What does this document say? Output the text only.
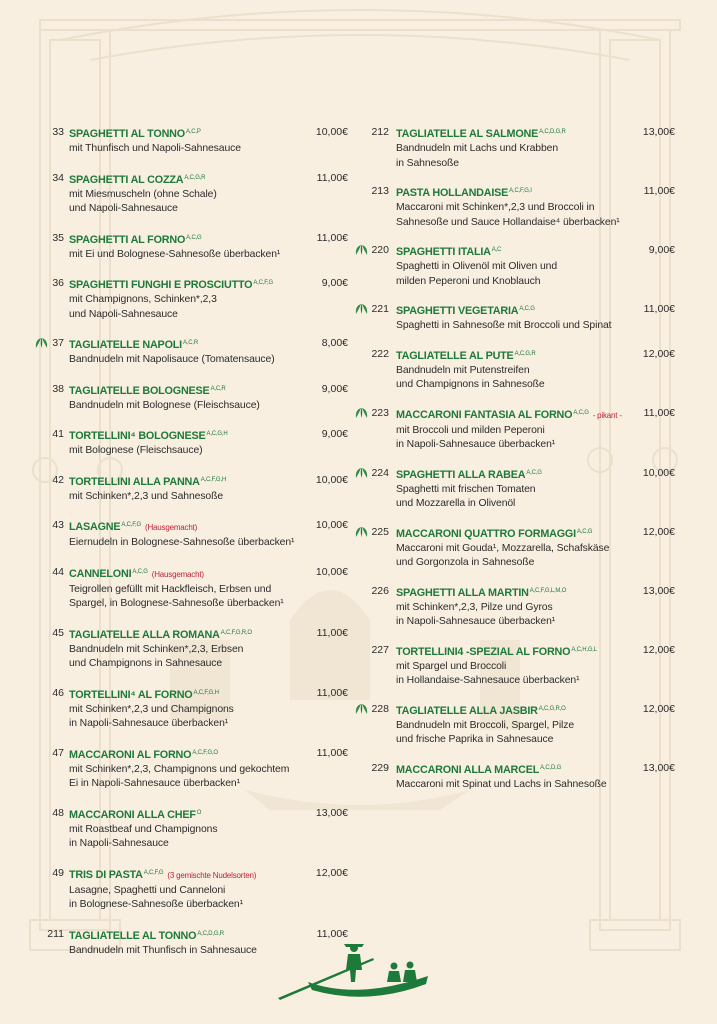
33 SPAGHETTI AL $TONNO^{A,C,P}$
mit Thunfisch und Napoli-Sahnesauce
10,00€
34 SPAGHETTI AL $COZZA^{A,C,G,R}$
mit Miesmuscheln (ohne Schale)
und Napoli-Sahnesauce
11,00€
35 SPAGHETTI AL $FORNO^{A,C,G}$
mit Ei und Bolognese-Sahnesoße überbacken¹
11,00€
36 SPAGHETTI FUNGHI E $PROSCIUTTO^{A,C,F,G}$
mit Champignons, Schinken*,2,3
und Napoli-Sahnesauce
9,00€
37 TAGLIATELLE $NAPOLI^{A,C,R}$
Bandnudeln mit Napolisauce (Tomatensauce)
8,00€
38 TAGLIATELLE $BOLOGNESE^{A,C,R}$
Bandnudeln mit Bolognese (Fleischsauce)
9,00€
41 TORTELLINI⁴ $BOLOGNESE^{A,C,G,H}$
mit Bolognese (Fleischsauce)
9,00€
42 TORTELLINI ALLA $PANNA^{A,C,F,G,H}$
mit Schinken*,2,3 und Sahnesoße
10,00€
43 $LASAGNE^{A,C,F,G}$ (Hausgemacht)
Eiernudeln in Bolognese-Sahnesoße überbacken¹
10,00€
44 $CANNELONI^{A,C,G}$ (Hausgemacht)
Teigrollen gefüllt mit Hackfleisch, Erbsen und
Spargel, in Bolognese-Sahnesoße überbacken¹
10,00€
45 TAGLIATELLE ALLA $ROMANA^{A,C,F,G,R,O}$
Bandnudeln mit Schinken*,2,3, Erbsen
und Champignons in Sahnesauce
11,00€
46 TORTELLINI⁴ AL $FORNO^{A,C,F,G,H}$
mit Schinken*,2,3 und Champignons
in Napoli-Sahnesauce überbacken¹
11,00€
47 MACCARONI AL $FORNO^{A,C,F,G,O}$
mit Schinken*,2,3, Champignons und gekochtem
Ei in Napoli-Sahnesauce überbacken¹
11,00€
48 MACCARONI ALLA $CHEF^O$
mit Roastbeaf und Champignons
in Napoli-Sahnesauce
13,00€
49 TRIS DI $PASTA^{A,C,F,G}$ (3 gemischte Nudelsorten)
Lasagne, Spaghetti und Canneloni
in Bolognese-Sahnesoße überbacken¹
12,00€
211 TAGLIATELLE AL $TONNO^{A,C,D,G,R}$
Bandnudeln mit Thunfisch in Sahnesauce
11,00€
212 TAGLIATELLE AL $SALMONE^{A,C,D,G,R}$
Bandnudeln mit Lachs und Krabben
in Sahnesoße
13,00€
213 PASTA $HOLLANDAISE^{A,C,F,G,I}$
Maccaroni mit Schinken*,2,3 und Broccoli in
Sahnesoße und Sauce Hollandaise⁴ überbacken¹
11,00€
220 SPAGHETTI $ITALIA^{A,C}$
Spaghetti in Olivenöl mit Oliven und
milden Peperoni und Knoblauch
9,00€
221 SPAGHETTI $VEGETARIA^{A,C,G}$
Spaghetti in Sahnesoße mit Broccoli und Spinat
11,00€
222 TAGLIATELLE AL $PUTE^{A,C,G,R}$
Bandnudeln mit Putenstreifen
und Champignons in Sahnesoße
12,00€
223 MACCARONI FANTASIA AL $FORNO^{A,C,G}$ - pikant -
mit Broccoli und milden Peperoni
in Napoli-Sahnesauce überbacken¹
11,00€
224 SPAGHETTI ALLA $RABEA^{A,C,G}$
Spaghetti mit frischen Tomaten
und Mozzarella in Olivenöl
10,00€
225 MACCARONI QUATTRO $FORMAGGI^{A,C,G}$
Maccaroni mit Gouda¹, Mozzarella, Schafskäse
und Gorgonzola in Sahnesoße
12,00€
226 SPAGHETTI ALLA $MARTIN^{A,C,F,G,L,M,O}$
mit Schinken*,2,3, Pilze und Gyros
in Napoli-Sahnesauce überbacken¹
13,00€
227 TORTELLINI4 -SPEZIAL AL $FORNO^{A,C,H,G,L}$
mit Spargel und Broccoli
in Hollandaise-Sahnesauce überbacken¹
12,00€
228 TAGLIATELLE ALLA $JASBIR^{A,C,G,R,O}$
Bandnudeln mit Broccoli, Spargel, Pilze
und frische Paprika in Sahnesauce
12,00€
229 MACCARONI ALLA $MARCEL^{A,C,D,G}$
Maccaroni mit Spinat und Lachs in Sahnesoße
13,00€
